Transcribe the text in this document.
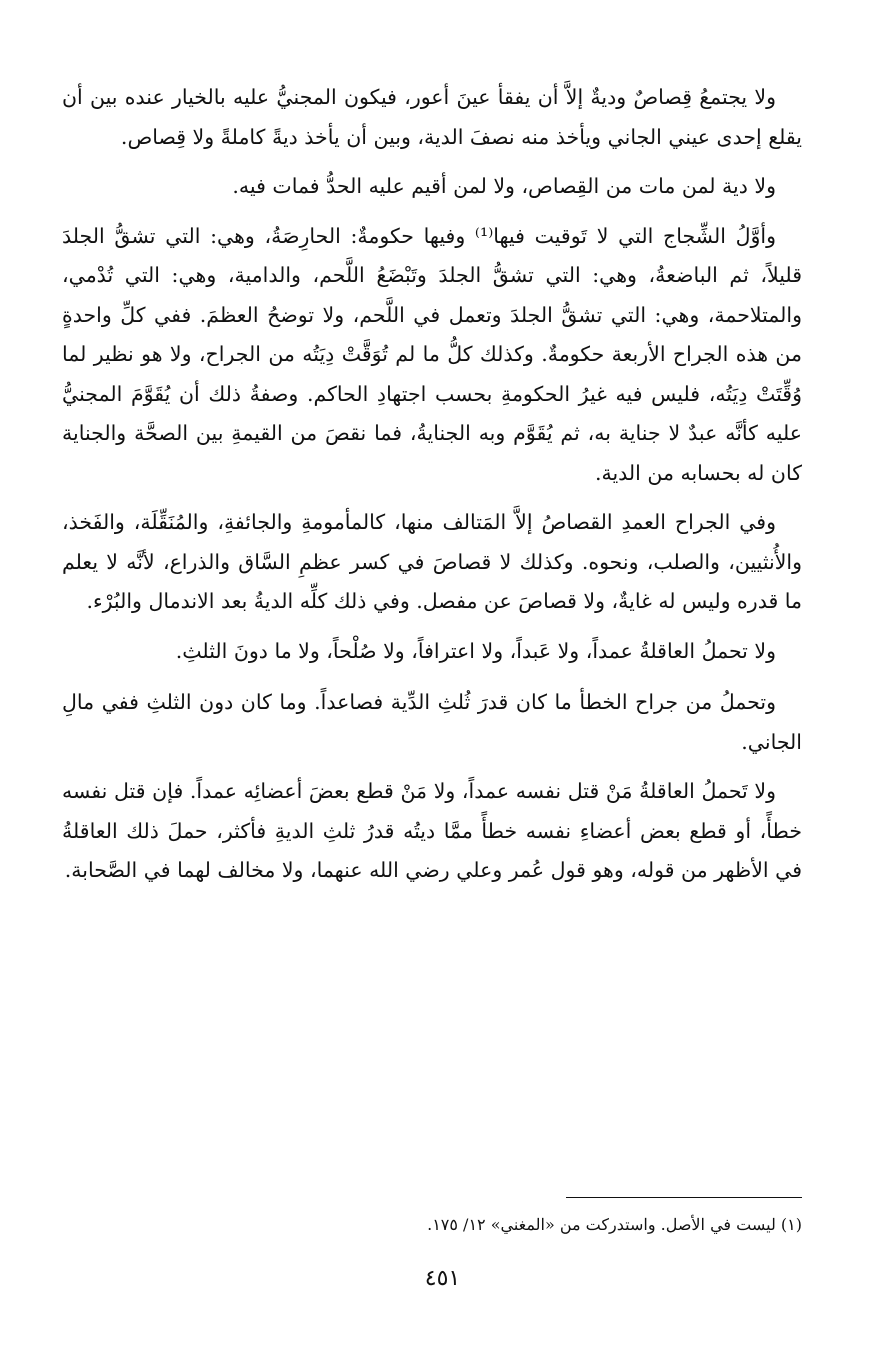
ولا يجتمعُ قِصاصٌ وديةٌ إلاَّ أن يفقأ عينَ أعور، فيكون المجنيُّ عليه بالخيار عنده بين أن يقلع إحدى عيني الجاني ويأخذ منه نصفَ الدية، وبين أن يأخذ ديةً كاملةً ولا قِصاص.

ولا دية لمن مات من القِصاص، ولا لمن أقيم عليه الحدُّ فمات فيه.

وأوَّلُ الشِّجاج التي لا تَوقيت فيها⁽¹⁾ وفيها حكومةٌ: الحارِصَةُ، وهي: التي تشقُّ الجلدَ قليلاً، ثم الباضعةُ، وهي: التي تشقُّ الجلدَ وتَبْضَعُ اللَّحم، والدامية، وهي: التي تُدْمي، والمتلاحمة، وهي: التي تشقُّ الجلدَ وتعمل في اللَّحم، ولا توضحُ العظمَ. ففي كلِّ واحدةٍ من هذه الجراح الأربعة حكومةٌ. وكذلك كلُّ ما لم تُوَقَّتْ دِيَتُه من الجراح، ولا هو نظير لما وُقِّتَتْ دِيَتُه، فليس فيه غيرُ الحكومةِ بحسب اجتهادِ الحاكم. وصفةُ ذلك أن يُقَوَّمَ المجنيُّ عليه كأنَّه عبدٌ لا جناية به، ثم يُقَوَّم وبه الجنايةُ، فما نقصَ من القيمةِ بين الصحَّة والجناية كان له بحسابه من الدية.

وفي الجراح العمدِ القصاصُ إلاَّ المَتالف منها، كالمأمومةِ والجائفةِ، والمُنَقِّلَة، والفَخذ، والأُنثيين، والصلب، ونحوه. وكذلك لا قصاصَ في كسر عظمِ السَّاق والذراع، لأنَّه لا يعلم ما قدره وليس له غايةٌ، ولا قصاصَ عن مفصل. وفي ذلك كلِّه الديةُ بعد الاندمال والبُرْء.

ولا تحملُ العاقلةُ عمداً، ولا عَبداً، ولا اعترافاً، ولا صُلْحاً، ولا ما دونَ الثلثِ.

وتحملُ من جراح الخطأ ما كان قدرَ ثُلثِ الدِّية فصاعداً. وما كان دون الثلثِ ففي مالِ الجاني.

ولا تَحملُ العاقلةُ مَنْ قتل نفسه عمداً، ولا مَنْ قطع بعضَ أعضائِه عمداً. فإن قتل نفسه خطأً، أو قطع بعض أعضاءِ نفسه خطأً ممَّا ديتُه قدرُ ثلثِ الديةِ فأكثر، حملَ ذلك العاقلةُ في الأظهر من قوله، وهو قول عُمر وعلي رضي الله عنهما، ولا مخالف لهما في الصَّحابة.

(١) ليست في الأصل. واستدركت من «المغني» ١٢/ ١٧٥.
٤٥١
